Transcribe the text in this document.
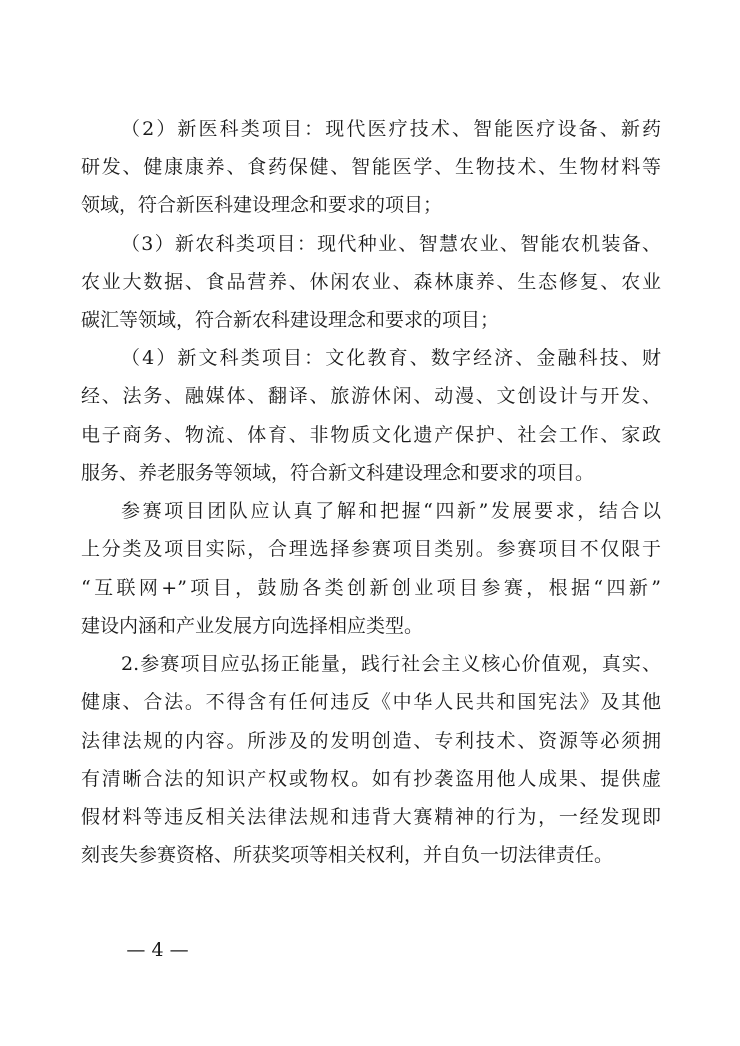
（2）新医科类项目：现代医疗技术、智能医疗设备、新药
研发、健康康养、食药保健、智能医学、生物技术、生物材料等
领域，符合新医科建设理念和要求的项目；
（3）新农科类项目：现代种业、智慧农业、智能农机装备、
农业大数据、食品营养、休闲农业、森林康养、生态修复、农业
碳汇等领域，符合新农科建设理念和要求的项目；
（4）新文科类项目：文化教育、数字经济、金融科技、财
经、法务、融媒体、翻译、旅游休闲、动漫、文创设计与开发、
电子商务、物流、体育、非物质文化遗产保护、社会工作、家政
服务、养老服务等领域，符合新文科建设理念和要求的项目。
参赛项目团队应认真了解和把握“四新”发展要求，结合以
上分类及项目实际，合理选择参赛项目类别。参赛项目不仅限于
“互联网+”项目，鼓励各类创新创业项目参赛，根据“四新”
建设内涵和产业发展方向选择相应类型。
2.参赛项目应弘扬正能量，践行社会主义核心价值观，真实、
健康、合法。不得含有任何违反《中华人民共和国宪法》及其他
法律法规的内容。所涉及的发明创造、专利技术、资源等必须拥
有清晰合法的知识产权或物权。如有抄袭盗用他人成果、提供虚
假材料等违反相关法律法规和违背大赛精神的行为，一经发现即
刻丧失参赛资格、所获奖项等相关权利，并自负一切法律责任。
— 4 —
